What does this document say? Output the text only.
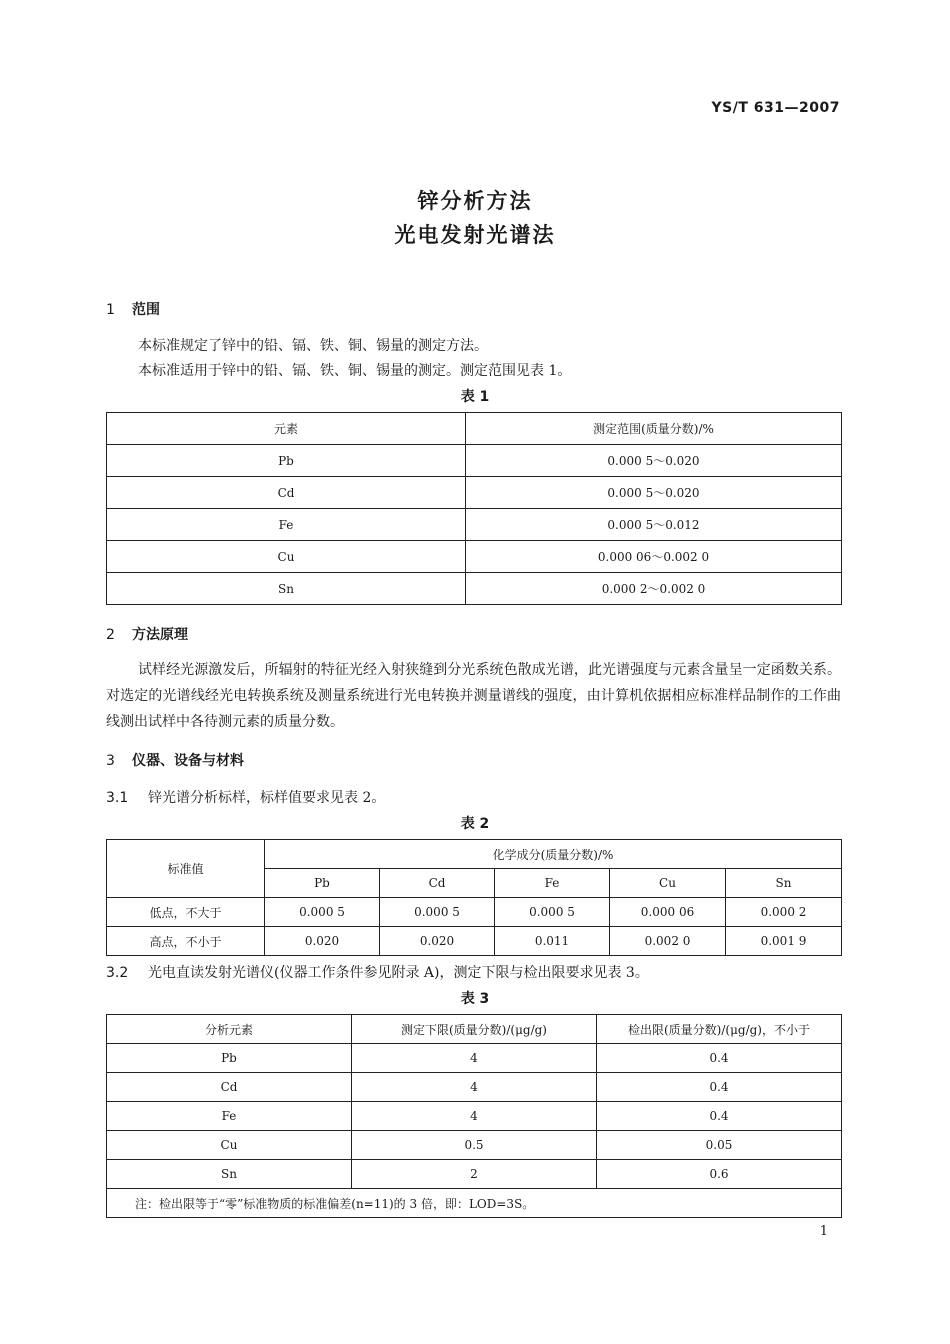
YS/T 631—2007
锌分析方法
光电发射光谱法
1 范围
本标准规定了锌中的铅、镉、铁、铜、锡量的测定方法。
本标准适用于锌中的铅、镉、铁、铜、锡量的测定。测定范围见表 1。
表 1
元素	测定范围(质量分数)/%
Pb	0.000 5～0.020
Cd	0.000 5～0.020
Fe	0.000 5～0.012
Cu	0.000 06～0.002 0
Sn	0.000 2～0.002 0
2 方法原理
试样经光源激发后，所辐射的特征光经入射狭缝到分光系统色散成光谱，此光谱强度与元素含量呈一定函数关系。对选定的光谱线经光电转换系统及测量系统进行光电转换并测量谱线的强度，由计算机依据相应标准样品制作的工作曲线测出试样中各待测元素的质量分数。
3 仪器、设备与材料
3.1 锌光谱分析标样，标样值要求见表 2。
表 2
标准值	化学成分(质量分数)/%				
	Pb	Cd	Fe	Cu	Sn
低点，不大于	0.000 5	0.000 5	0.000 5	0.000 06	0.000 2
高点，不小于	0.020	0.020	0.011	0.002 0	0.001 9
3.2 光电直读发射光谱仪(仪器工作条件参见附录 A)，测定下限与检出限要求见表 3。
表 3
分析元素	测定下限(质量分数)/(μg/g)	检出限(质量分数)/(μg/g)，不小于
Pb	4	0.4
Cd	4	0.4
Fe	4	0.4
Cu	0.5	0.05
Sn	2	0.6
注：检出限等于“零”标准物质的标准偏差(n=11)的 3 倍，即：LOD=3S。		
1
